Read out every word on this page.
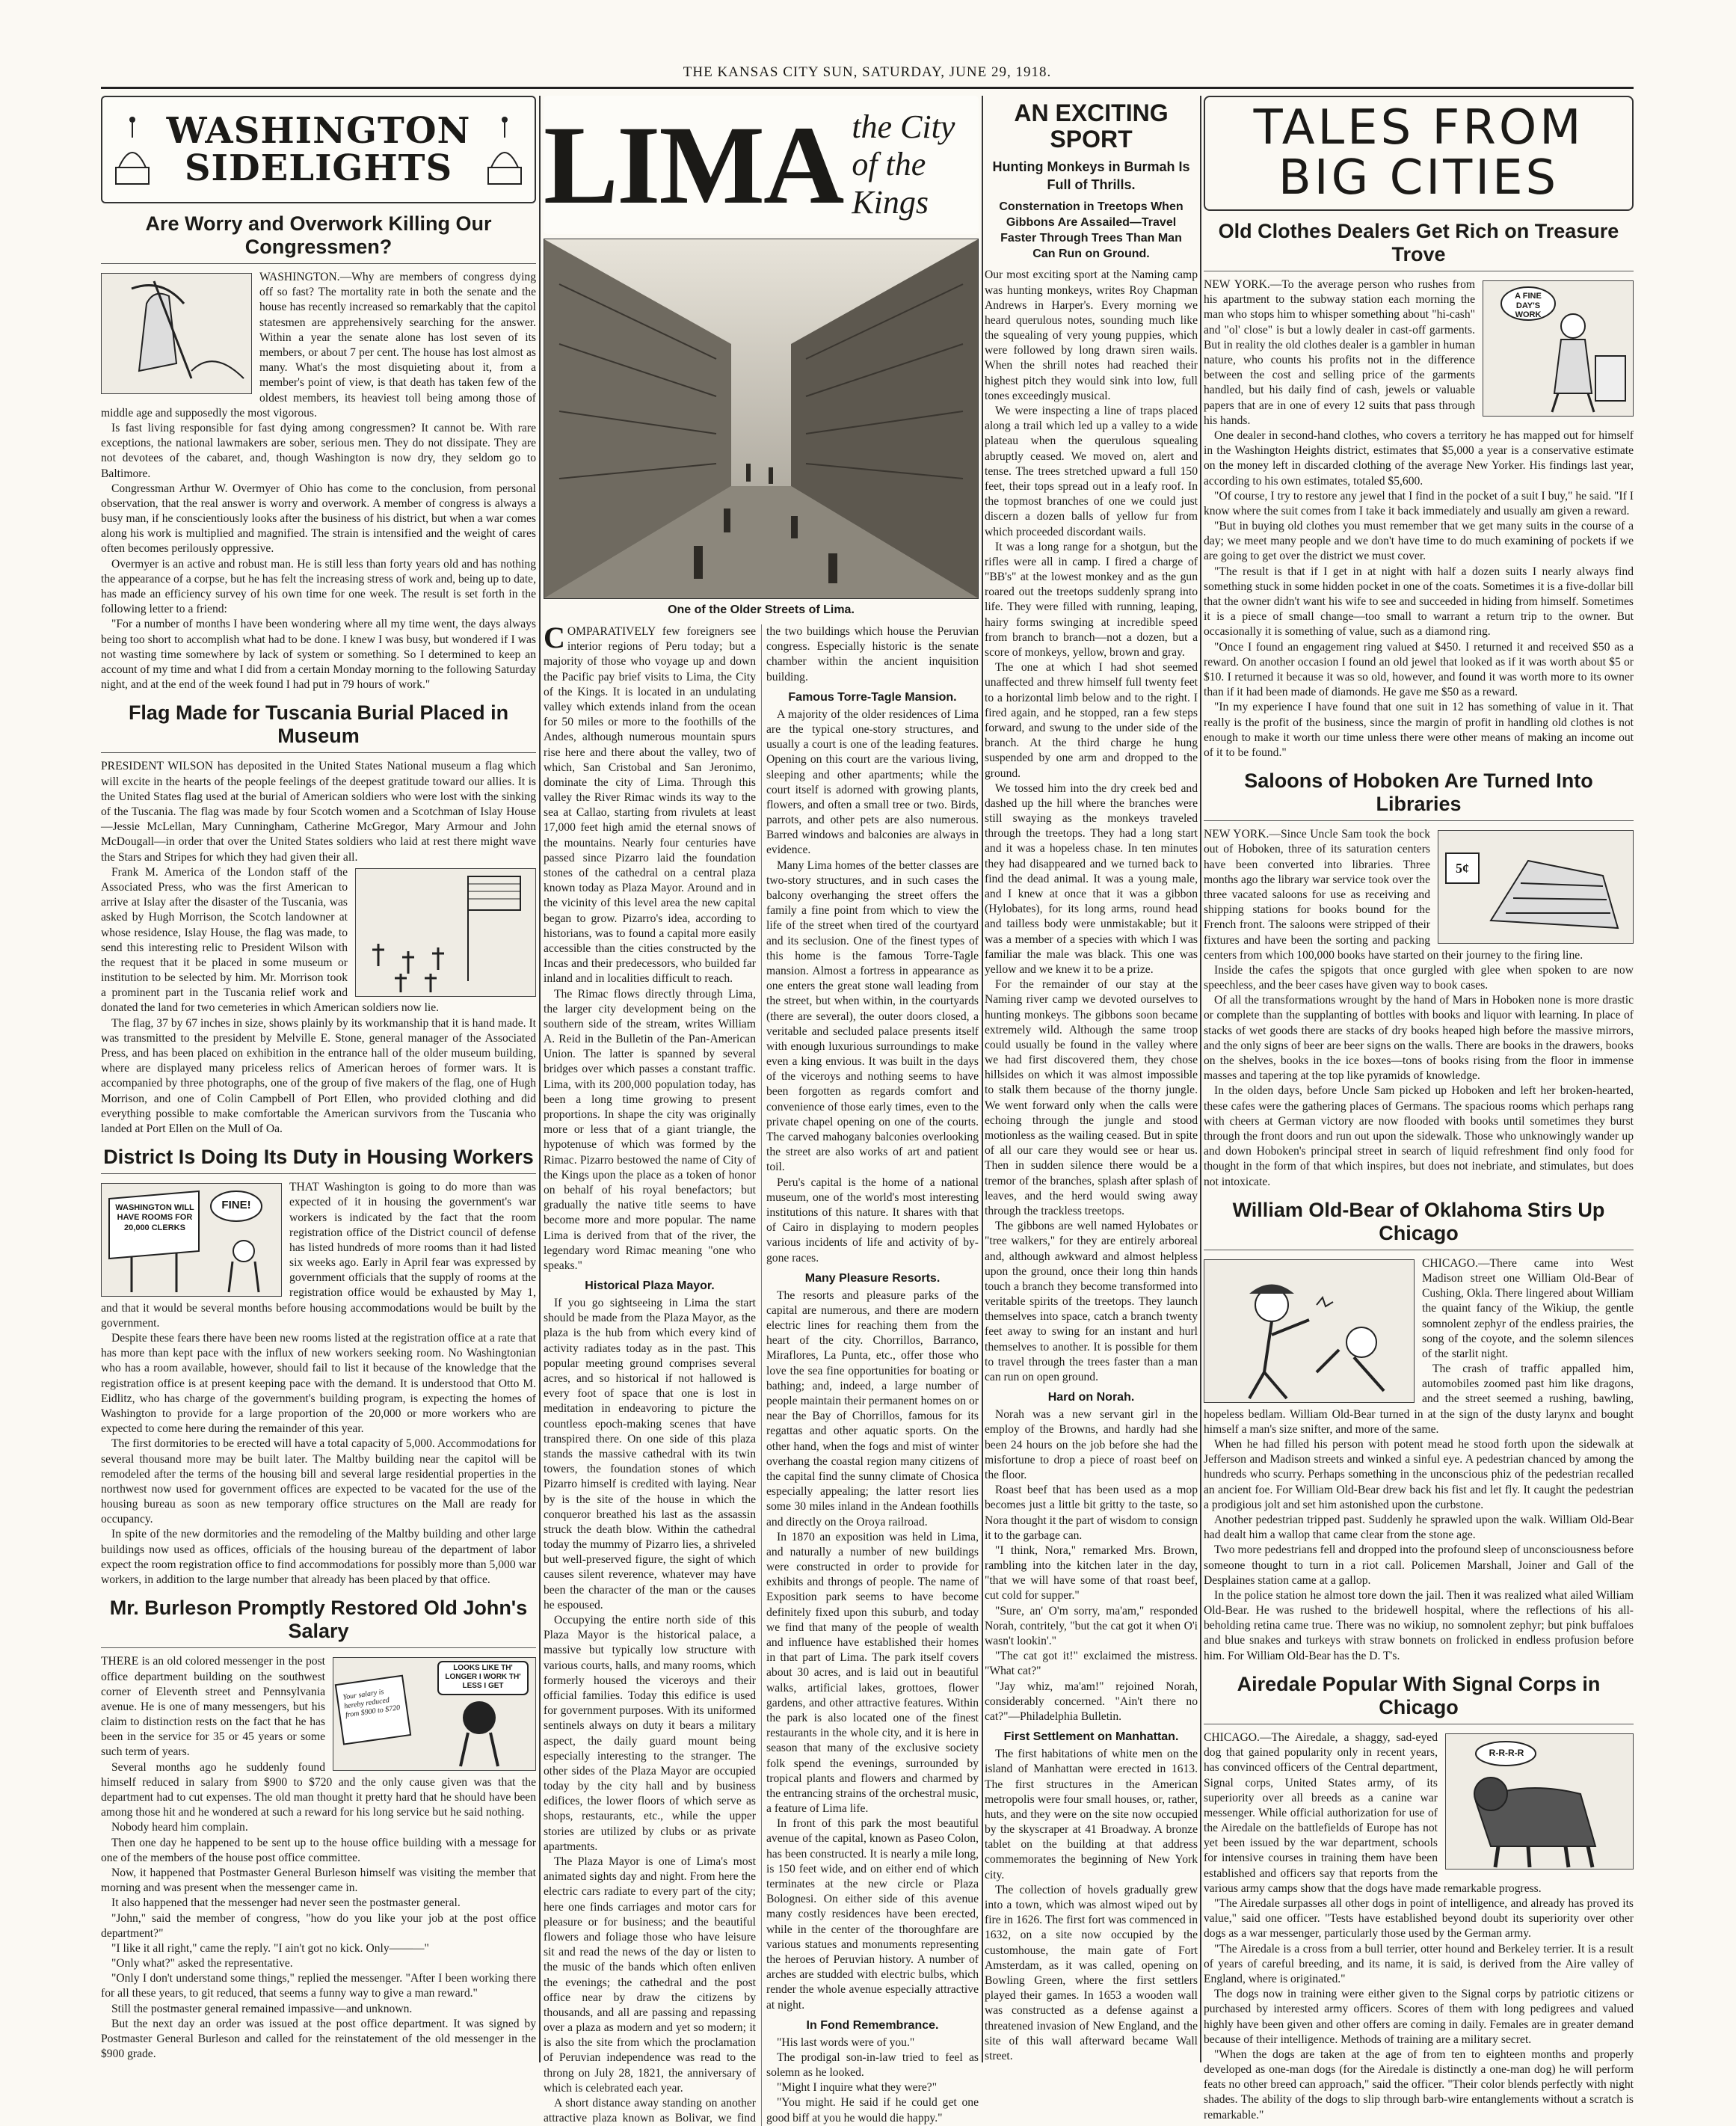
THE KANSAS CITY SUN, SATURDAY, JUNE 29, 1918.
WASHINGTON SIDELIGHTS
Are Worry and Overwork Killing Our Congressmen?

WASHINGTON.—Why are members of congress dying off so fast? The mortality rate in both the senate and the house has recently increased so remarkably that the capitol statesmen are apprehensively searching for the answer. Within a year the senate alone has lost seven of its members, or about 7 per cent. The house has lost almost as many. What's the most disquieting about it, from a member's point of view, is that death has taken few of the oldest members, its heaviest toll being among those of middle age and supposedly the most vigorous.

Is fast living responsible for fast dying among congressmen? It cannot be. With rare exceptions, the national lawmakers are sober, serious men. They do not dissipate. They are not devotees of the cabaret, and, though Washington is now dry, they seldom go to Baltimore.

Congressman Arthur W. Overmyer of Ohio has come to the conclusion, from personal observation, that the real answer is worry and overwork. A member of congress is always a busy man, if he conscientiously looks after the business of his district, but when a war comes along his work is multiplied and magnified. The strain is intensified and the weight of cares often becomes perilously oppressive.

Overmyer is an active and robust man. He is still less than forty years old and has nothing the appearance of a corpse, but he has felt the increasing stress of work and, being up to date, has made an efficiency survey of his own time for one week. The result is set forth in the following letter to a friend:

"For a number of months I have been wondering where all my time went, the days always being too short to accomplish what had to be done. I knew I was busy, but wondered if I was not wasting time somewhere by lack of system or something. So I determined to keep an account of my time and what I did from a certain Monday morning to the following Saturday night, and at the end of the week found I had put in 79 hours of work."

Flag Made for Tuscania Burial Placed in Museum

PRESIDENT WILSON has deposited in the United States National museum a flag which will excite in the hearts of the people feelings of the deepest gratitude toward our allies. It is the United States flag used at the burial of American soldiers who were lost with the sinking of the Tuscania. The flag was made by four Scotch women and a Scotchman of Islay House—Jessie McLellan, Mary Cunningham, Catherine McGregor, Mary Armour and John McDougall—in order that over the United States soldiers who laid at rest there might wave the Stars and Stripes for which they had given their all.

Frank M. America of the London staff of the Associated Press, who was the first American to arrive at Islay after the disaster of the Tuscania, was asked by Hugh Morrison, the Scotch landowner at whose residence, Islay House, the flag was made, to send this interesting relic to President Wilson with the request that it be placed in some museum or institution to be selected by him. Mr. Morrison took a prominent part in the Tuscania relief work and donated the land for two cemeteries in which American soldiers now lie.

The flag, 37 by 67 inches in size, shows plainly by its workmanship that it is hand made. It was transmitted to the president by Melville E. Stone, general manager of the Associated Press, and has been placed on exhibition in the entrance hall of the older museum building, where are displayed many priceless relics of American heroes of former wars. It is accompanied by three photographs, one of the group of five makers of the flag, one of Hugh Morrison, and one of Colin Campbell of Port Ellen, who provided clothing and did everything possible to make comfortable the American survivors from the Tuscania who landed at Port Ellen on the Mull of Oa.

District Is Doing Its Duty in Housing Workers
WASHINGTON WILL HAVE ROOMS FOR 20,000 CLERKS
FINE!

THAT Washington is going to do more than was expected of it in housing the government's war workers is indicated by the fact that the room registration office of the District council of defense has listed hundreds of more rooms than it had listed six weeks ago. Early in April fear was expressed by government officials that the supply of rooms at the registration office would be exhausted by May 1, and that it would be several months before housing accommodations would be built by the government.

Despite these fears there have been new rooms listed at the registration office at a rate that has more than kept pace with the influx of new workers seeking room. No Washingtonian who has a room available, however, should fail to list it because of the knowledge that the registration office is at present keeping pace with the demand. It is understood that Otto M. Eidlitz, who has charge of the government's building program, is expecting the homes of Washington to provide for a large proportion of the 20,000 or more workers who are expected to come here during the remainder of this year.

The first dormitories to be erected will have a total capacity of 5,000. Accommodations for several thousand more may be built later. The Maltby building near the capitol will be remodeled after the terms of the housing bill and several large residential properties in the northwest now used for government offices are expected to be vacated for the use of the housing bureau as soon as new temporary office structures on the Mall are ready for occupancy.

In spite of the new dormitories and the remodeling of the Maltby building and other large buildings now used as offices, officials of the housing bureau of the department of labor expect the room registration office to find accommodations for possibly more than 5,000 war workers, in addition to the large number that already has been placed by that office.

Mr. Burleson Promptly Restored Old John's Salary
Your salary is hereby reduced from $900 to $720
LOOKS LIKE TH' LONGER I WORK TH' LESS I GET

THERE is an old colored messenger in the post office department building on the southwest corner of Eleventh street and Pennsylvania avenue. He is one of many messengers, but his claim to distinction rests on the fact that he has been in the service for 35 or 45 years or some such term of years.

Several months ago he suddenly found himself reduced in salary from $900 to $720 and the only cause given was that the department had to cut expenses. The old man thought it pretty hard that he should have been among those hit and he wondered at such a reward for his long service but he said nothing.

Nobody heard him complain.

Then one day he happened to be sent up to the house office building with a message for one of the members of the house post office committee.

Now, it happened that Postmaster General Burleson himself was visiting the member that morning and was present when the messenger came in.

It also happened that the messenger had never seen the postmaster general.

"John," said the member of congress, "how do you like your job at the post office department?"

"I like it all right," came the reply. "I ain't got no kick. Only———"

"Only what?" asked the representative.

"Only I don't understand some things," replied the messenger. "After I been working there for all these years, to git reduced, that seems a funny way to give a man reward."

Still the postmaster general remained impassive—and unknown.

But the next day an order was issued at the post office department. It was signed by Postmaster General Burleson and called for the reinstatement of the old messenger in the $900 grade.

LIMA the City of the Kings
One of the Older Streets of Lima.

COMPARATIVELY few foreigners see interior regions of Peru today; but a majority of those who voyage up and down the Pacific pay brief visits to Lima, the City of the Kings. It is located in an undulating valley which extends inland from the ocean for 50 miles or more to the foothills of the Andes, although numerous mountain spurs rise here and there about the valley, two of which, San Cristobal and San Jeronimo, dominate the city of Lima. Through this valley the River Rimac winds its way to the sea at Callao, starting from rivulets at least 17,000 feet high amid the eternal snows of the mountains. Nearly four centuries have passed since Pizarro laid the foundation stones of the cathedral on a central plaza known today as Plaza Mayor. Around and in the vicinity of this level area the new capital began to grow. Pizarro's idea, according to historians, was to found a capital more easily accessible than the cities constructed by the Incas and their predecessors, who builded far inland and in localities difficult to reach.

The Rimac flows directly through Lima, the larger city development being on the southern side of the stream, writes William A. Reid in the Bulletin of the Pan-American Union. The latter is spanned by several bridges over which passes a constant traffic. Lima, with its 200,000 population today, has been a long time growing to present proportions. In shape the city was originally more or less that of a giant triangle, the hypotenuse of which was formed by the Rimac. Pizarro bestowed the name of City of the Kings upon the place as a token of honor on behalf of his royal benefactors; but gradually the native title seems to have become more and more popular. The name Lima is derived from that of the river, the legendary word Rimac meaning "one who speaks."

Historical Plaza Mayor.

If you go sightseeing in Lima the start should be made from the Plaza Mayor, as the plaza is the hub from which every kind of activity radiates today as in the past. This popular meeting ground comprises several acres, and so historical if not hallowed is every foot of space that one is lost in meditation in endeavoring to picture the countless epoch-making scenes that have transpired there. On one side of this plaza stands the massive cathedral with its twin towers, the foundation stones of which Pizarro himself is credited with laying. Near by is the site of the house in which the conqueror breathed his last as the assassin struck the death blow. Within the cathedral today the mummy of Pizarro lies, a shriveled but well-preserved figure, the sight of which causes silent reverence, whatever may have been the character of the man or the causes he espoused.

Occupying the entire north side of this Plaza Mayor is the historical palace, a massive but typically low structure with various courts, halls, and many rooms, which formerly housed the viceroys and their official families. Today this edifice is used for government purposes. With its uniformed sentinels always on duty it bears a military aspect, the daily guard mount being especially interesting to the stranger. The other sides of the Plaza Mayor are occupied today by the city hall and by business edifices, the lower floors of which serve as shops, restaurants, etc., while the upper stories are utilized by clubs or as private apartments.

The Plaza Mayor is one of Lima's most animated sights day and night. From here the electric cars radiate to every part of the city; here one finds carriages and motor cars for pleasure or for business; and the beautiful flowers and foliage those who have leisure sit and read the news of the day or listen to the music of the bands which often enliven the evenings; the cathedral and the post office near by draw the citizens by thousands, and all are passing and repassing over a plaza as modern and yet so modern; it is also the site from which the proclamation of Peruvian independence was read to the throng on July 28, 1821, the anniversary of which is celebrated each year.

A short distance away standing on another attractive plaza known as Bolivar, we find the two buildings which house the Peruvian congress. Especially historic is the senate chamber within the ancient inquisition building.

Famous Torre-Tagle Mansion.

A majority of the older residences of Lima are the typical one-story structures, and usually a court is one of the leading features. Opening on this court are the various living, sleeping and other apartments; while the court itself is adorned with growing plants, flowers, and often a small tree or two. Birds, parrots, and other pets are also numerous. Barred windows and balconies are always in evidence.

Many Lima homes of the better classes are two-story structures, and in such cases the balcony overhanging the street offers the family a fine point from which to view the life of the street when tired of the courtyard and its seclusion. One of the finest types of this home is the famous Torre-Tagle mansion. Almost a fortress in appearance as one enters the great stone wall leading from the street, but when within, in the courtyards (there are several), the outer doors closed, a veritable and secluded palace presents itself with enough luxurious surroundings to make even a king envious. It was built in the days of the viceroys and nothing seems to have been forgotten as regards comfort and convenience of those early times, even to the private chapel opening on one of the courts. The carved mahogany balconies overlooking the street are also works of art and patient toil.

Peru's capital is the home of a national museum, one of the world's most interesting institutions of this nature. It shares with that of Cairo in displaying to modern peoples various incidents of life and activity of by-gone races.

Many Pleasure Resorts.

The resorts and pleasure parks of the capital are numerous, and there are modern electric lines for reaching them from the heart of the city. Chorrillos, Barranco, Miraflores, La Punta, etc., offer those who love the sea fine opportunities for boating or bathing; and, indeed, a large number of people maintain their permanent homes on or near the Bay of Chorrillos, famous for its regattas and other aquatic sports. On the other hand, when the fogs and mist of winter overhang the coastal region many citizens of the capital find the sunny climate of Chosica especially appealing; the latter resort lies some 30 miles inland in the Andean foothills and directly on the Oroya railroad.

In 1870 an exposition was held in Lima, and naturally a number of new buildings were constructed in order to provide for exhibits and throngs of people. The name of Exposition park seems to have become definitely fixed upon this suburb, and today we find that many of the people of wealth and influence have established their homes in that part of Lima. The park itself covers about 30 acres, and is laid out in beautiful walks, artificial lakes, grottoes, flower gardens, and other attractive features. Within the park is also located one of the finest restaurants in the whole city, and it is here in season that many of the exclusive society folk spend the evenings, surrounded by tropical plants and flowers and charmed by the entrancing strains of the orchestral music, a feature of Lima life.

In front of this park the most beautiful avenue of the capital, known as Paseo Colon, has been constructed. It is nearly a mile long, is 150 feet wide, and on either end of which terminates at the new circle or Plaza Bolognesi. On either side of this avenue many costly residences have been erected, while in the center of the thoroughfare are various statues and monuments representing the heroes of Peruvian history. A number of arches are studded with electric bulbs, which render the whole avenue especially attractive at night.

In Fond Remembrance.

"His last words were of you."

The prodigal son-in-law tried to feel as solemn as he looked.

"Might I inquire what they were?"

"You might. He said if he could get one good biff at you he would die happy."

AN EXCITING SPORT
Hunting Monkeys in Burmah Is Full of Thrills.
Consternation in Treetops When Gibbons Are Assailed—Travel Faster Through Trees Than Man Can Run on Ground.

Our most exciting sport at the Naming camp was hunting monkeys, writes Roy Chapman Andrews in Harper's. Every morning we heard querulous notes, sounding much like the squealing of very young puppies, which were followed by long drawn siren wails. When the shrill notes had reached their highest pitch they would sink into low, full tones exceedingly musical.

We were inspecting a line of traps placed along a trail which led up a valley to a wide plateau when the querulous squealing abruptly ceased. We moved on, alert and tense. The trees stretched upward a full 150 feet, their tops spread out in a leafy roof. In the topmost branches of one we could just discern a dozen balls of yellow fur from which proceeded discordant wails.

It was a long range for a shotgun, but the rifles were all in camp. I fired a charge of "BB's" at the lowest monkey and as the gun roared out the treetops suddenly sprang into life. They were filled with running, leaping, hairy forms swinging at incredible speed from branch to branch—not a dozen, but a score of monkeys, yellow, brown and gray.

The one at which I had shot seemed unaffected and threw himself full twenty feet to a horizontal limb below and to the right. I fired again, and he stopped, ran a few steps forward, and swung to the under side of the branch. At the third charge he hung suspended by one arm and dropped to the ground.

We tossed him into the dry creek bed and dashed up the hill where the branches were still swaying as the monkeys traveled through the treetops. They had a long start and it was a hopeless chase. In ten minutes they had disappeared and we turned back to find the dead animal. It was a young male, and I knew at once that it was a gibbon (Hylobates), for its long arms, round head and tailless body were unmistakable; but it was a member of a species with which I was familiar the male was black. This one was yellow and we knew it to be a prize.

For the remainder of our stay at the Naming river camp we devoted ourselves to hunting monkeys. The gibbons soon became extremely wild. Although the same troop could usually be found in the valley where we had first discovered them, they chose hillsides on which it was almost impossible to stalk them because of the thorny jungle. We went forward only when the calls were echoing through the jungle and stood motionless as the wailing ceased. But in spite of all our care they would see or hear us. Then in sudden silence there would be a tremor of the branches, splash after splash of leaves, and the herd would swing away through the trackless treetops.

The gibbons are well named Hylobates or "tree walkers," for they are entirely arboreal and, although awkward and almost helpless upon the ground, once their long thin hands touch a branch they become transformed into veritable spirits of the treetops. They launch themselves into space, catch a branch twenty feet away to swing for an instant and hurl themselves to another. It is possible for them to travel through the trees faster than a man can run on open ground.

Hard on Norah.

Norah was a new servant girl in the employ of the Browns, and hardly had she been 24 hours on the job before she had the misfortune to drop a piece of roast beef on the floor.

Roast beef that has been used as a mop becomes just a little bit gritty to the taste, so Nora thought it the part of wisdom to consign it to the garbage can.

"I think, Nora," remarked Mrs. Brown, rambling into the kitchen later in the day, "that we will have some of that roast beef, cut cold for supper."

"Sure, an' O'm sorry, ma'am," responded Norah, contritely, "but the cat got it when O'i wasn't lookin'."

"The cat got it!" exclaimed the mistress. "What cat?"

"Jay whiz, ma'am!" rejoined Norah, considerably concerned. "Ain't there no cat?"—Philadelphia Bulletin.

First Settlement on Manhattan.

The first habitations of white men on the island of Manhattan were erected in 1613. The first structures in the American metropolis were four small houses, or, rather, huts, and they were on the site now occupied by the skyscraper at 41 Broadway. A bronze tablet on the building at that address commemorates the beginning of New York city.

The collection of hovels gradually grew into a town, which was almost wiped out by fire in 1626. The first fort was commenced in 1632, on a site now occupied by the customhouse, the main gate of Fort Amsterdam, as it was called, opening on Bowling Green, where the first settlers played their games. In 1653 a wooden wall was constructed as a defense against a threatened invasion of New England, and the site of this wall afterward became Wall street.

TALES FROM BIG CITIES
Old Clothes Dealers Get Rich on Treasure Trove
A FINE DAY'S WORK

NEW YORK.—To the average person who rushes from his apartment to the subway station each morning the man who stops him to whisper something about "hi-cash" and "ol' close" is but a lowly dealer in cast-off garments. But in reality the old clothes dealer is a gambler in human nature, who counts his profits not in the difference between the cost and selling price of the garments handled, but his daily find of cash, jewels or valuable papers that are in one of every 12 suits that pass through his hands.

One dealer in second-hand clothes, who covers a territory he has mapped out for himself in the Washington Heights district, estimates that $5,000 a year is a conservative estimate on the money left in discarded clothing of the average New Yorker. His findings last year, according to his own estimates, totaled $5,600.

"Of course, I try to restore any jewel that I find in the pocket of a suit I buy," he said. "If I know where the suit comes from I take it back immediately and usually am given a reward.

"But in buying old clothes you must remember that we get many suits in the course of a day; we meet many people and we don't have time to do much examining of pockets if we are going to get over the district we must cover.

"The result is that if I get in at night with half a dozen suits I nearly always find something stuck in some hidden pocket in one of the coats. Sometimes it is a five-dollar bill that the owner didn't want his wife to see and succeeded in hiding from himself. Sometimes it is a piece of small change—too small to warrant a return trip to the owner. But occasionally it is something of value, such as a diamond ring.

"Once I found an engagement ring valued at $450. I returned it and received $50 as a reward. On another occasion I found an old jewel that looked as if it was worth about $5 or $10. I returned it because it was so old, however, and found it was worth more to its owner than if it had been made of diamonds. He gave me $50 as a reward.

"In my experience I have found that one suit in 12 has something of value in it. That really is the profit of the business, since the margin of profit in handling old clothes is not enough to make it worth our time unless there were other means of making an income out of it to be found."

Saloons of Hoboken Are Turned Into Libraries
5¢

NEW YORK.—Since Uncle Sam took the bock out of Hoboken, three of its saturation centers have been converted into libraries. Three months ago the library war service took over the three vacated saloons for use as receiving and shipping stations for books bound for the French front. The saloons were stripped of their fixtures and have been the sorting and packing centers from which 100,000 books have started on their journey to the firing line.

Inside the cafes the spigots that once gurgled with glee when spoken to are now speechless, and the beer cases have given way to book cases.

Of all the transformations wrought by the hand of Mars in Hoboken none is more drastic or complete than the supplanting of bottles with books and liquor with learning. In place of stacks of wet goods there are stacks of dry books heaped high before the massive mirrors, and the only signs of beer are beer signs on the walls. There are books in the drawers, books on the shelves, books in the ice boxes—tons of books rising from the floor in immense masses and tapering at the top like pyramids of knowledge.

In the olden days, before Uncle Sam picked up Hoboken and left her broken-hearted, these cafes were the gathering places of Germans. The spacious rooms which perhaps rang with cheers at German victory are now flooded with books until sometimes they burst through the front doors and run out upon the sidewalk. Those who unknowingly wander up and down Hoboken's principal street in search of liquid refreshment find only food for thought in the form of that which inspires, but does not inebriate, and stimulates, but does not intoxicate.

William Old-Bear of Oklahoma Stirs Up Chicago

CHICAGO.—There came into West Madison street one William Old-Bear of Cushing, Okla. There lingered about William the quaint fancy of the Wikiup, the gentle somnolent zephyr of the endless prairies, the song of the coyote, and the solemn silences of the starlit night.

The crash of traffic appalled him, automobiles zoomed past him like dragons, and the street seemed a rushing, bawling, hopeless bedlam. William Old-Bear turned in at the sign of the dusty larynx and bought himself a man's size snifter, and more of the same.

When he had filled his person with potent mead he stood forth upon the sidewalk at Jefferson and Madison streets and winked a sinful eye. A pedestrian chanced by among the hundreds who scurry. Perhaps something in the unconscious phiz of the pedestrian recalled an ancient foe. For William Old-Bear drew back his fist and let fly. It caught the pedestrian a prodigious jolt and set him astonished upon the curbstone.

Another pedestrian tripped past. Suddenly he sprawled upon the walk. William Old-Bear had dealt him a wallop that came clear from the stone age.

Two more pedestrians fell and dropped into the profound sleep of unconsciousness before someone thought to turn in a riot call. Policemen Marshall, Joiner and Gall of the Desplaines station came at a gallop.

In the police station he almost tore down the jail. Then it was realized what ailed William Old-Bear. He was rushed to the bridewell hospital, where the reflections of his all-beholding retina came true. There was no wikiup, no somnolent zephyr; but pink buffaloes and blue snakes and turkeys with straw bonnets on frolicked in endless profusion before him. For William Old-Bear has the D. T's.

Airedale Popular With Signal Corps in Chicago
R-R-R-R

CHICAGO.—The Airedale, a shaggy, sad-eyed dog that gained popularity only in recent years, has convinced officers of the Central department, Signal corps, United States army, of its superiority over all breeds as a canine war messenger. While official authorization for use of the Airedale on the battlefields of Europe has not yet been issued by the war department, schools for intensive courses in training them have been established and officers say that reports from the various army camps show that the dogs have made remarkable progress.

"The Airedale surpasses all other dogs in point of intelligence, and already has proved its value," said one officer. "Tests have established beyond doubt its superiority over other dogs as a war messenger, particularly those used by the German army.

"The Airedale is a cross from a bull terrier, otter hound and Berkeley terrier. It is a result of years of careful breeding, and its name, it is said, is derived from the Aire valley of England, where is originated."

The dogs now in training were either given to the Signal corps by patriotic citizens or purchased by interested army officers. Scores of them with long pedigrees and valued highly have been given and other offers are coming in daily. Females are in greater demand because of their intelligence. Methods of training are a military secret.

"When the dogs are taken at the age of from ten to eighteen months and properly developed as one-man dogs (for the Airedale is distinctly a one-man dog) he will perform feats no other breed can approach," said the officer. "Their color blends perfectly with night shades. The ability of the dogs to slip through barb-wire entanglements without a scratch is remarkable."
